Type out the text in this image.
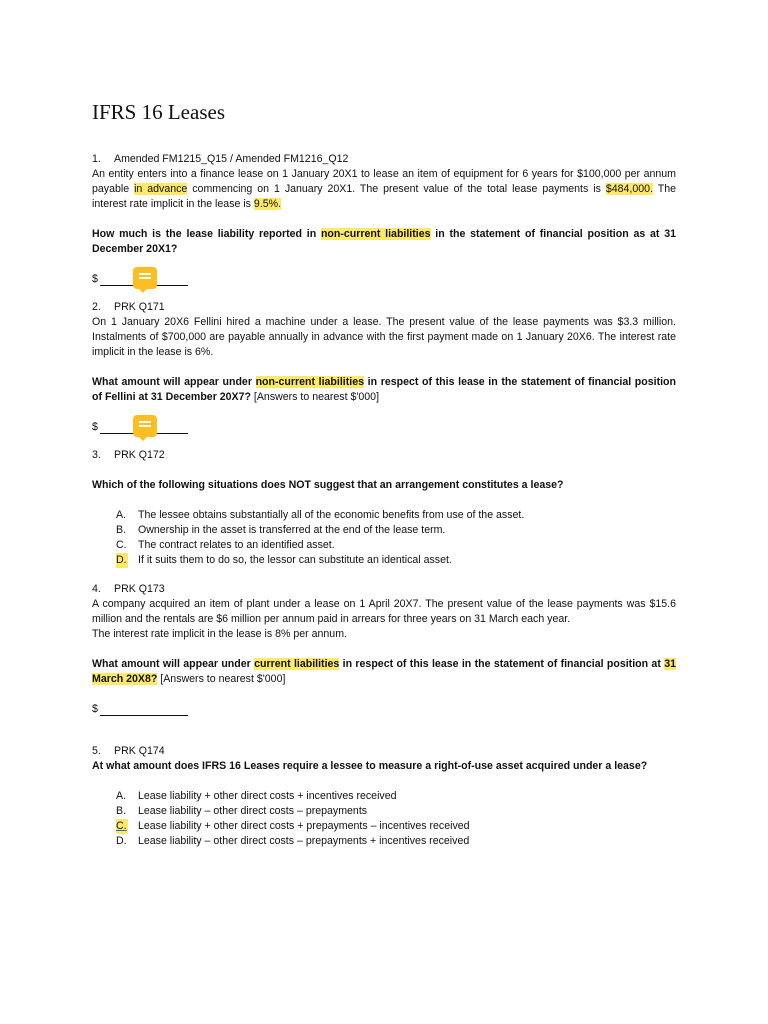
IFRS 16 Leases

1. Amended FM1215_Q15 / Amended FM1216_Q12

An entity enters into a finance lease on 1 January 20X1 to lease an item of equipment for 6 years for $100,000 per annum payable in advance commencing on 1 January 20X1. The present value of the total lease payments is $484,000. The interest rate implicit in the lease is 9.5%.

How much is the lease liability reported in non-current liabilities in the statement of financial position as at 31 December 20X1?

$

2. PRK Q171

On 1 January 20X6 Fellini hired a machine under a lease. The present value of the lease payments was $3.3 million. Instalments of $700,000 are payable annually in advance with the first payment made on 1 January 20X6. The interest rate implicit in the lease is 6%.

What amount will appear under non-current liabilities in respect of this lease in the statement of financial position of Fellini at 31 December 20X7? [Answers to nearest $'000]

$

3. PRK Q172

Which of the following situations does NOT suggest that an arrangement constitutes a lease?

A.	The lessee obtains substantially all of the economic benefits from use of the asset.
B.	Ownership in the asset is transferred at the end of the lease term.
C.	The contract relates to an identified asset.
D. If it suits them to do so, the lessor can substitute an identical asset.

4. PRK Q173

A company acquired an item of plant under a lease on 1 April 20X7. The present value of the lease payments was $15.6 million and the rentals are $6 million per annum paid in arrears for three years on 31 March each year.

The interest rate implicit in the lease is 8% per annum.

What amount will appear under current liabilities in respect of this lease in the statement of financial position at 31 March 20X8? [Answers to nearest $'000]

$

5. PRK Q174

At what amount does IFRS 16 Leases require a lessee to measure a right-of-use asset acquired under a lease?

A.	Lease liability + other direct costs + incentives received
B.	Lease liability – other direct costs – prepayments
C. Lease liability + other direct costs + prepayments – incentives received
D.	Lease liability – other direct costs – prepayments + incentives received
